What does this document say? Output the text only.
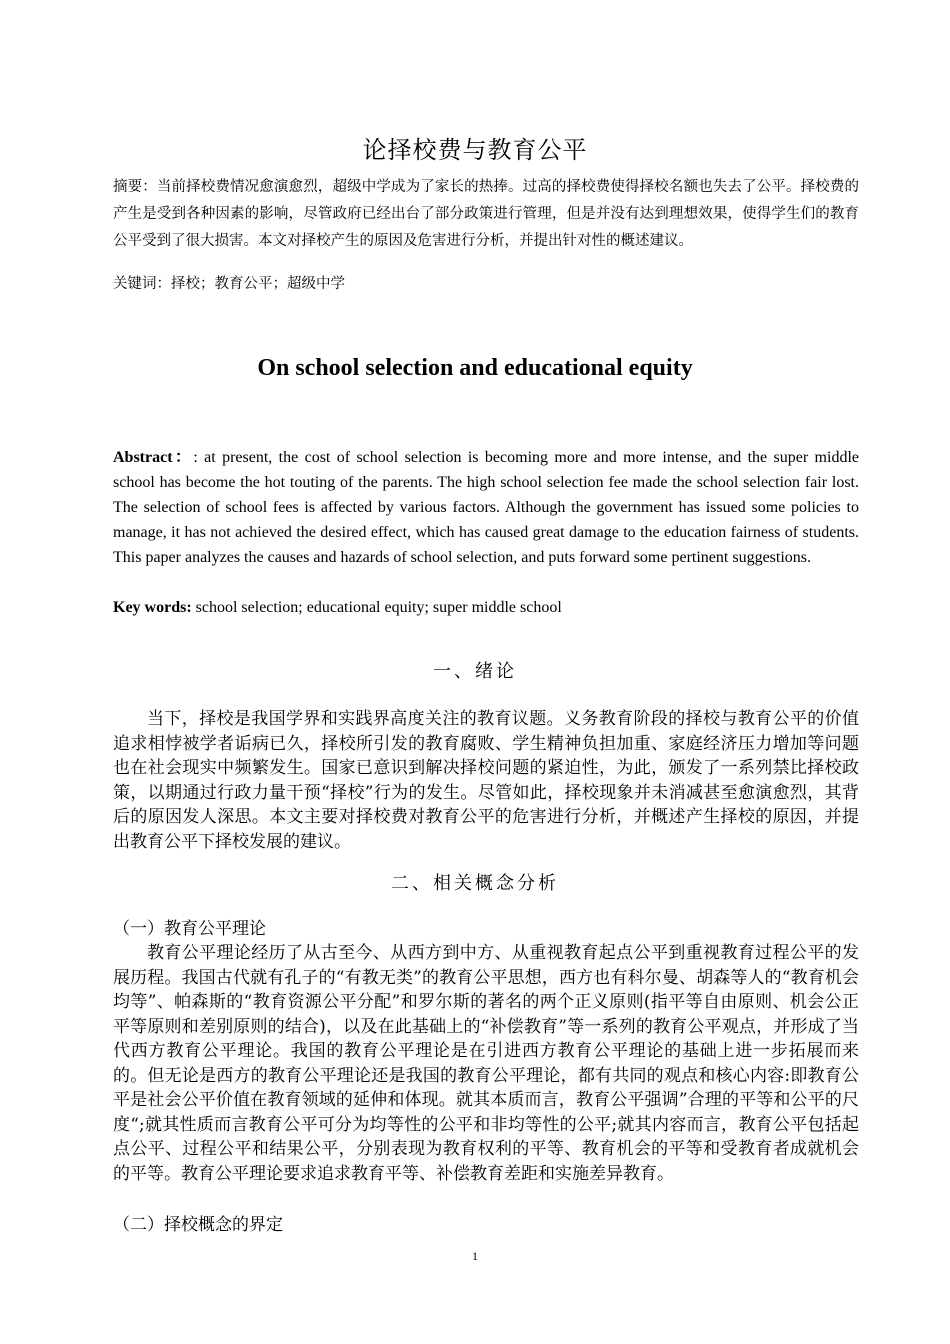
论择校费与教育公平
摘要：当前择校费情况愈演愈烈，超级中学成为了家长的热捧。过高的择校费使得择校名额也失去了公平。择校费的产生是受到各种因素的影响，尽管政府已经出台了部分政策进行管理，但是并没有达到理想效果，使得学生们的教育公平受到了很大损害。本文对择校产生的原因及危害进行分析，并提出针对性的概述建议。
关键词：择校；教育公平；超级中学
On school selection and educational equity
Abstract：: at present, the cost of school selection is becoming more and more intense, and the super middle school has become the hot touting of the parents. The high school selection fee made the school selection fair lost. The selection of school fees is affected by various factors. Although the government has issued some policies to manage, it has not achieved the desired effect, which has caused great damage to the education fairness of students. This paper analyzes the causes and hazards of school selection, and puts forward some pertinent suggestions.
Key words: school selection; educational equity; super middle school
一、绪论
当下，择校是我国学界和实践界高度关注的教育议题。义务教育阶段的择校与教育公平的价值追求相悖被学者诟病已久，择校所引发的教育腐败、学生精神负担加重、家庭经济压力增加等问题也在社会现实中频繁发生。国家已意识到解决择校问题的紧迫性，为此，颁发了一系列禁比择校政策，以期通过行政力量干预“择校”行为的发生。尽管如此，择校现象并未消减甚至愈演愈烈，其背后的原因发人深思。本文主要对择校费对教育公平的危害进行分析，并概述产生择校的原因，并提出教育公平下择校发展的建议。
二、相关概念分析
（一）教育公平理论
教育公平理论经历了从古至今、从西方到中方、从重视教育起点公平到重视教育过程公平的发展历程。我国古代就有孔子的“有教无类”的教育公平思想，西方也有科尔曼、胡森等人的“教育机会均等”、帕森斯的“教育资源公平分配”和罗尔斯的著名的两个正义原则(指平等自由原则、机会公正平等原则和差别原则的结合)，以及在此基础上的“补偿教育”等一系列的教育公平观点，并形成了当代西方教育公平理论。我国的教育公平理论是在引进西方教育公平理论的基础上进一步拓展而来的。但无论是西方的教育公平理论还是我国的教育公平理论，都有共同的观点和核心内容:即教育公平是社会公平价值在教育领域的延伸和体现。就其本质而言，教育公平强调”合理的平等和公平的尺度“;就其性质而言教育公平可分为均等性的公平和非均等性的公平;就其内容而言，教育公平包括起点公平、过程公平和结果公平，分别表现为教育权利的平等、教育机会的平等和受教育者成就机会的平等。教育公平理论要求追求教育平等、补偿教育差距和实施差异教育。
（二）择校概念的界定
1
